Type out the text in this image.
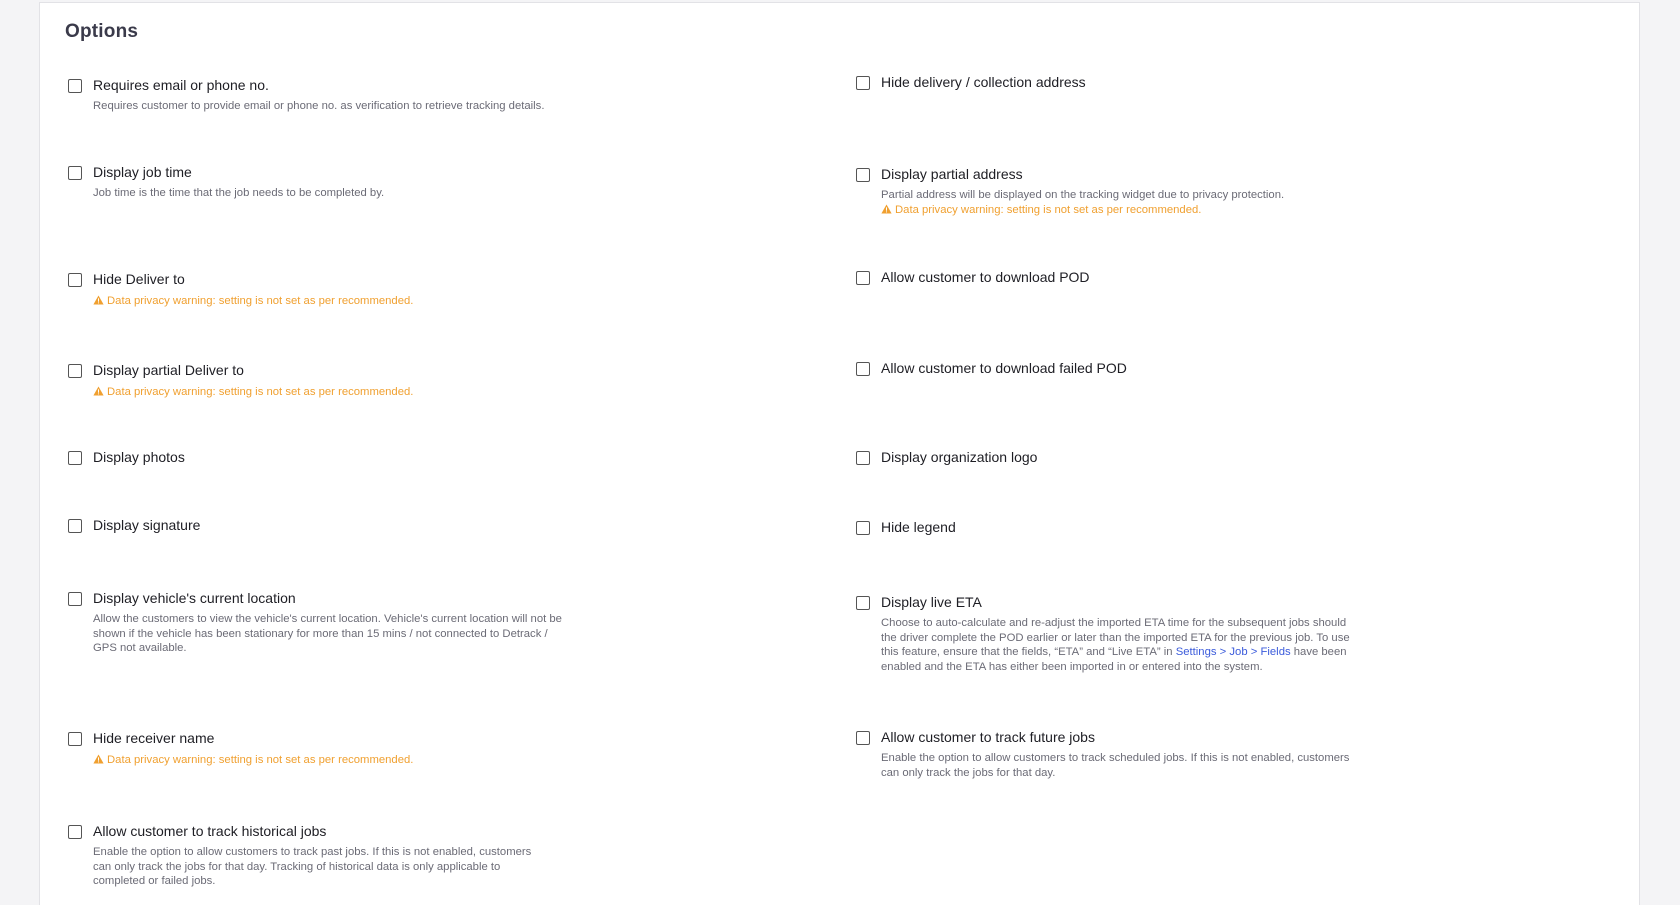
Options
Requires email or phone no.
Requires customer to provide email or phone no. as verification to retrieve tracking details.
Display job time
Job time is the time that the job needs to be completed by.
Hide Deliver to
Data privacy warning: setting is not set as per recommended.
Display partial Deliver to
Data privacy warning: setting is not set as per recommended.
Display photos
Display signature
Display vehicle's current location
Allow the customers to view the vehicle's current location. Vehicle's current location will not be shown if the vehicle has been stationary for more than 15 mins / not connected to Detrack / GPS not available.
Hide receiver name
Data privacy warning: setting is not set as per recommended.
Allow customer to track historical jobs
Enable the option to allow customers to track past jobs. If this is not enabled, customers can only track the jobs for that day. Tracking of historical data is only applicable to completed or failed jobs.
Hide delivery / collection address
Display partial address
Partial address will be displayed on the tracking widget due to privacy protection.
Data privacy warning: setting is not set as per recommended.
Allow customer to download POD
Allow customer to download failed POD
Display organization logo
Hide legend
Display live ETA
Choose to auto-calculate and re-adjust the imported ETA time for the subsequent jobs should the driver complete the POD earlier or later than the imported ETA for the previous job. To use this feature, ensure that the fields, “ETA” and “Live ETA” in Settings > Job > Fields have been enabled and the ETA has either been imported in or entered into the system.
Allow customer to track future jobs
Enable the option to allow customers to track scheduled jobs. If this is not enabled, customers can only track the jobs for that day.
